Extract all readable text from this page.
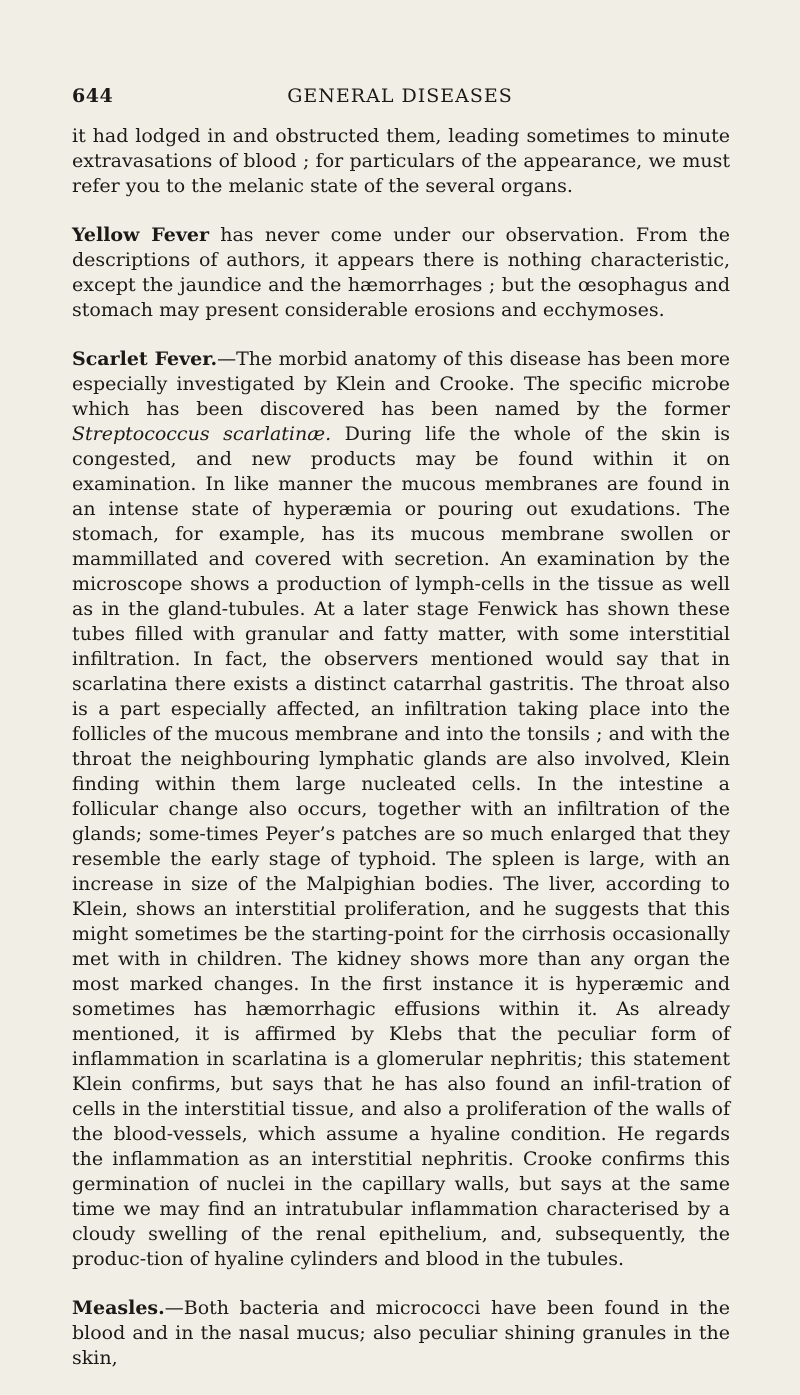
644	GENERAL DISEASES

it had lodged in and obstructed them, leading sometimes to minute extravasations of blood ; for particulars of the appearance, we must refer you to the melanic state of the several organs.

Yellow Fever has never come under our observation. From the descriptions of authors, it appears there is nothing characteristic, except the jaundice and the hæmorrhages ; but the œsophagus and stomach may present considerable erosions and ecchymoses.

Scarlet Fever.—The morbid anatomy of this disease has been more especially investigated by Klein and Crooke. The specific microbe which has been discovered has been named by the former Streptococcus scarlatinæ. During life the whole of the skin is congested, and new products may be found within it on examination. In like manner the mucous membranes are found in an intense state of hyperæmia or pouring out exudations. The stomach, for example, has its mucous membrane swollen or mammillated and covered with secretion. An examination by the microscope shows a production of lymph-cells in the tissue as well as in the gland-tubules. At a later stage Fenwick has shown these tubes filled with granular and fatty matter, with some interstitial infiltration. In fact, the observers mentioned would say that in scarlatina there exists a distinct catarrhal gastritis. The throat also is a part especially affected, an infiltration taking place into the follicles of the mucous membrane and into the tonsils ; and with the throat the neighbouring lymphatic glands are also involved, Klein finding within them large nucleated cells. In the intestine a follicular change also occurs, together with an infiltration of the glands; some-times Peyer’s patches are so much enlarged that they resemble the early stage of typhoid. The spleen is large, with an increase in size of the Malpighian bodies. The liver, according to Klein, shows an interstitial proliferation, and he suggests that this might sometimes be the starting-point for the cirrhosis occasionally met with in children. The kidney shows more than any organ the most marked changes. In the first instance it is hyperæmic and sometimes has hæmorrhagic effusions within it. As already mentioned, it is affirmed by Klebs that the peculiar form of inflammation in scarlatina is a glomerular nephritis; this statement Klein confirms, but says that he has also found an infil-tration of cells in the interstitial tissue, and also a proliferation of the walls of the blood-vessels, which assume a hyaline condition. He regards the inflammation as an interstitial nephritis. Crooke confirms this germination of nuclei in the capillary walls, but says at the same time we may find an intratubular inflammation characterised by a cloudy swelling of the renal epithelium, and, subsequently, the produc-tion of hyaline cylinders and blood in the tubules.

Measles.—Both bacteria and micrococci have been found in the blood and in the nasal mucus; also peculiar shining granules in the skin,
